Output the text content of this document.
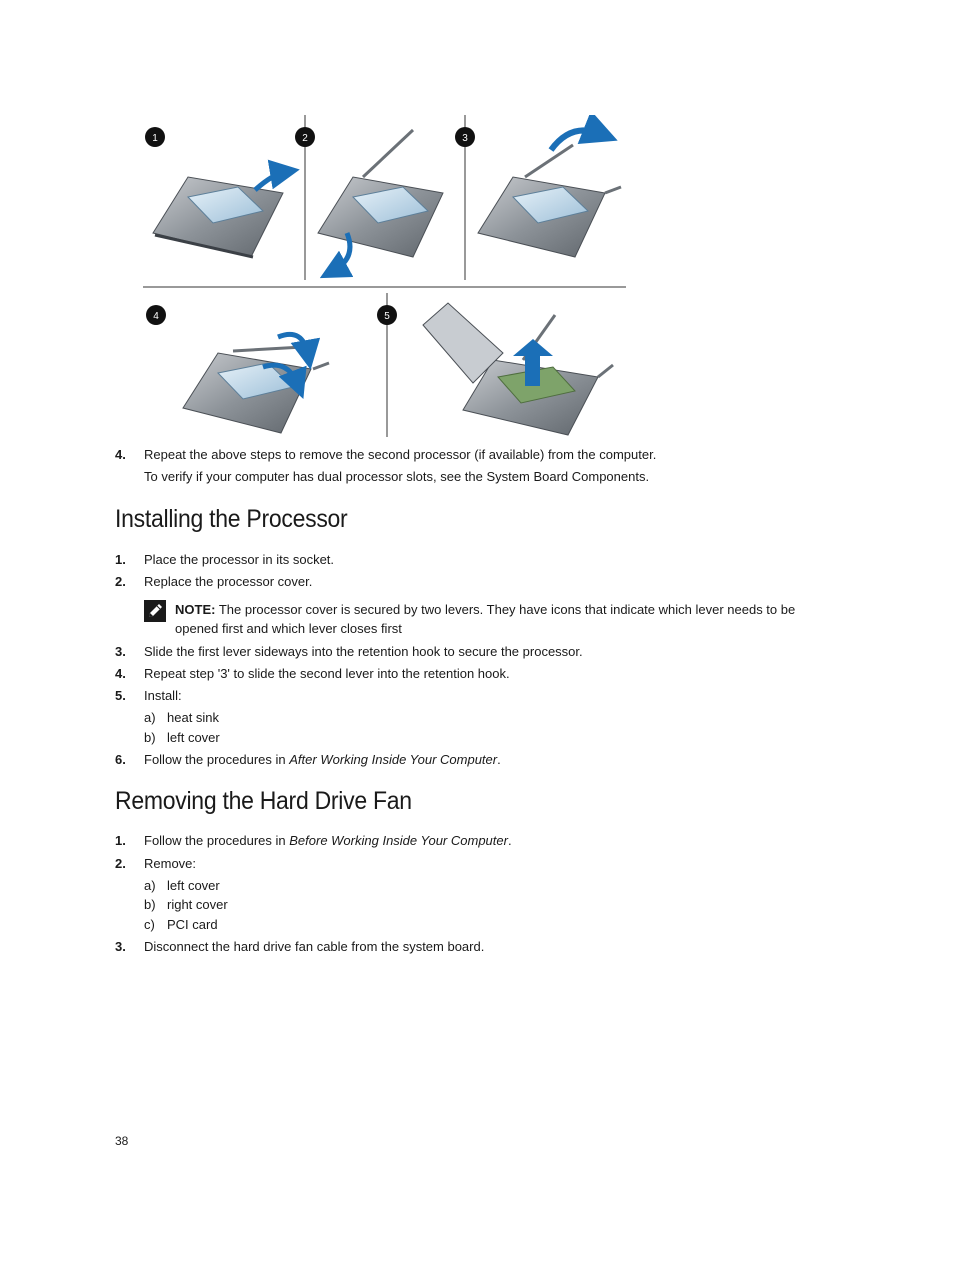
1	2	3
4	5
4. Repeat the above steps to remove the second processor (if available) from the computer.
To verify if your computer has dual processor slots, see the System Board Components.
Installing the Processor
1. Place the processor in its socket.
2. Replace the processor cover.
NOTE: The processor cover is secured by two levers. They have icons that indicate which lever needs to be opened first and which lever closes first
3. Slide the first lever sideways into the retention hook to secure the processor.
4. Repeat step '3' to slide the second lever into the retention hook.
5. Install:
a) heat sink
b) left cover
6. Follow the procedures in After Working Inside Your Computer.
Removing the Hard Drive Fan
1. Follow the procedures in Before Working Inside Your Computer.
2. Remove:
a) left cover
b) right cover
c) PCI card
3. Disconnect the hard drive fan cable from the system board.
38
